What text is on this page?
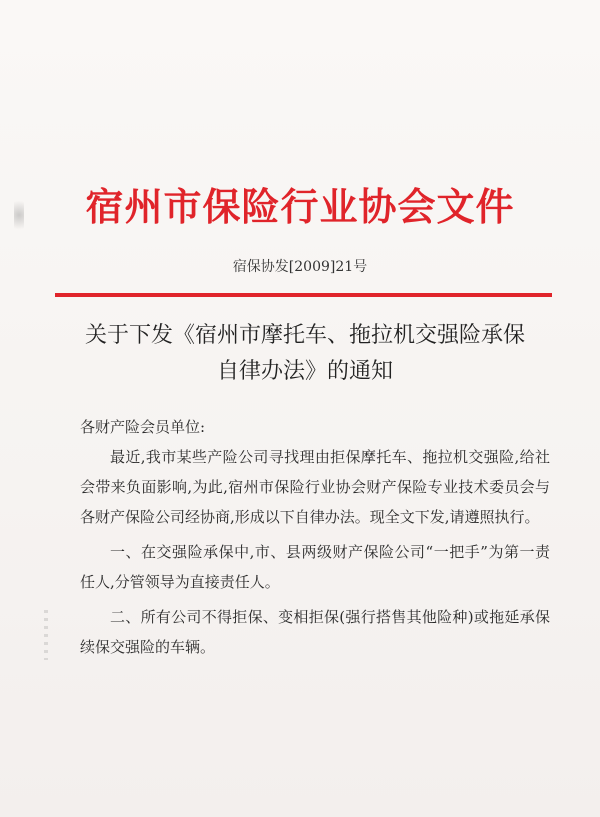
宿州市保险行业协会文件
宿保协发[2009]21号
关于下发《宿州市摩托车、拖拉机交强险承保
自律办法》的通知

各财产险会员单位:

最近,我市某些产险公司寻找理由拒保摩托车、拖拉机交强险,给社会带来负面影响,为此,宿州市保险行业协会财产保险专业技术委员会与各财产保险公司经协商,形成以下自律办法。现全文下发,请遵照执行。

一、在交强险承保中,市、县两级财产保险公司“一把手”为第一责任人,分管领导为直接责任人。

二、所有公司不得拒保、变相拒保(强行搭售其他险种)或拖延承保续保交强险的车辆。
